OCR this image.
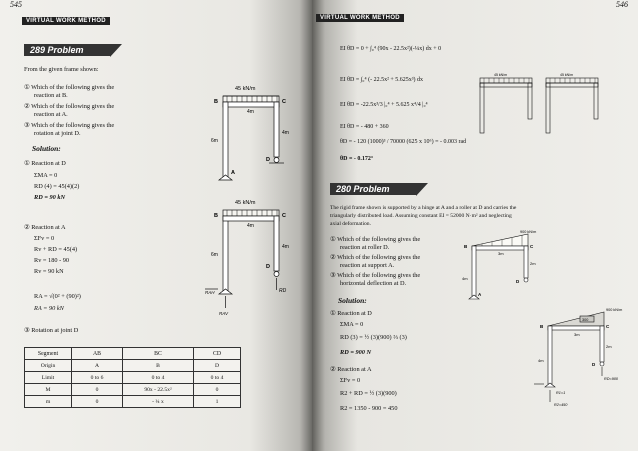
545
VIRTUAL WORK METHOD
289 Problem
From the given frame shown:
① Which of the following gives the
reaction at B.
② Which of the following gives the
reaction at A.
③ Which of the following gives the
rotation at joint D.
Solution:
① Reaction at D
ΣMA = 0
RD (4) = 45(4)(2)
RD = 90 kN
② Reaction at A
ΣFv = 0
Rv + RD = 45(4)
Rv = 180 - 90
Rv = 90 kN
RA = √(0² + (90)²)
RA = 90 kN
③ Rotation at joint D
45 kN/m
4m
6m
4m
B	C
D
A
45 kN/m
4m
6m
4m
B	C
D
RD
RAH
RAV
Segment	AB	BC	CD
Origin	A	B	D
Limit	0 to 6	0 to 4	0 to 4
M	0	90x - 22.5x²	0
m	0	- ¼ x	1
546
VIRTUAL WORK METHOD
EI θD = 0 + ∫₀⁴ (90x - 22.5x²)(-¼x) dx + 0
EI θD = ∫₀⁴ (- 22.5x² + 5.625x³) dx
EI θD = -22.5x³/3 |₀⁴ + 5.625 x⁴/4 |₀⁴
EI θD = - 480 + 360
θD = - 120 (1000)³ / 70000 (625 x 10⁶) = - 0.003 rad
θD = - 0.172°
45 kN/m	45 kN/m
280 Problem
The rigid frame shown is supported by a hinge at A and a roller at D and carries the
triangularly distributed load. Assuming constant EI = 52000 N·m² and neglecting
axial deformation.
① Which of the following gives the
reaction at roller D.
② Which of the following gives the
reaction at support A.
③ Which of the following gives the
horizontal deflection at D.
Solution:
① Reaction at D
ΣMA = 0
RD (3) = ½ (3)(900) ⅔ (3)
RD = 900 N
② Reaction at A
ΣFv = 0
R2 + RD = ½ (3)(900)
R2 = 1350 - 900 = 450
900 kN/m
3m
4m
2m
B	C
D
A
900 kN/m
300
3m
4m
2m
B	C
D
RD=900
R1=1
R2=450
